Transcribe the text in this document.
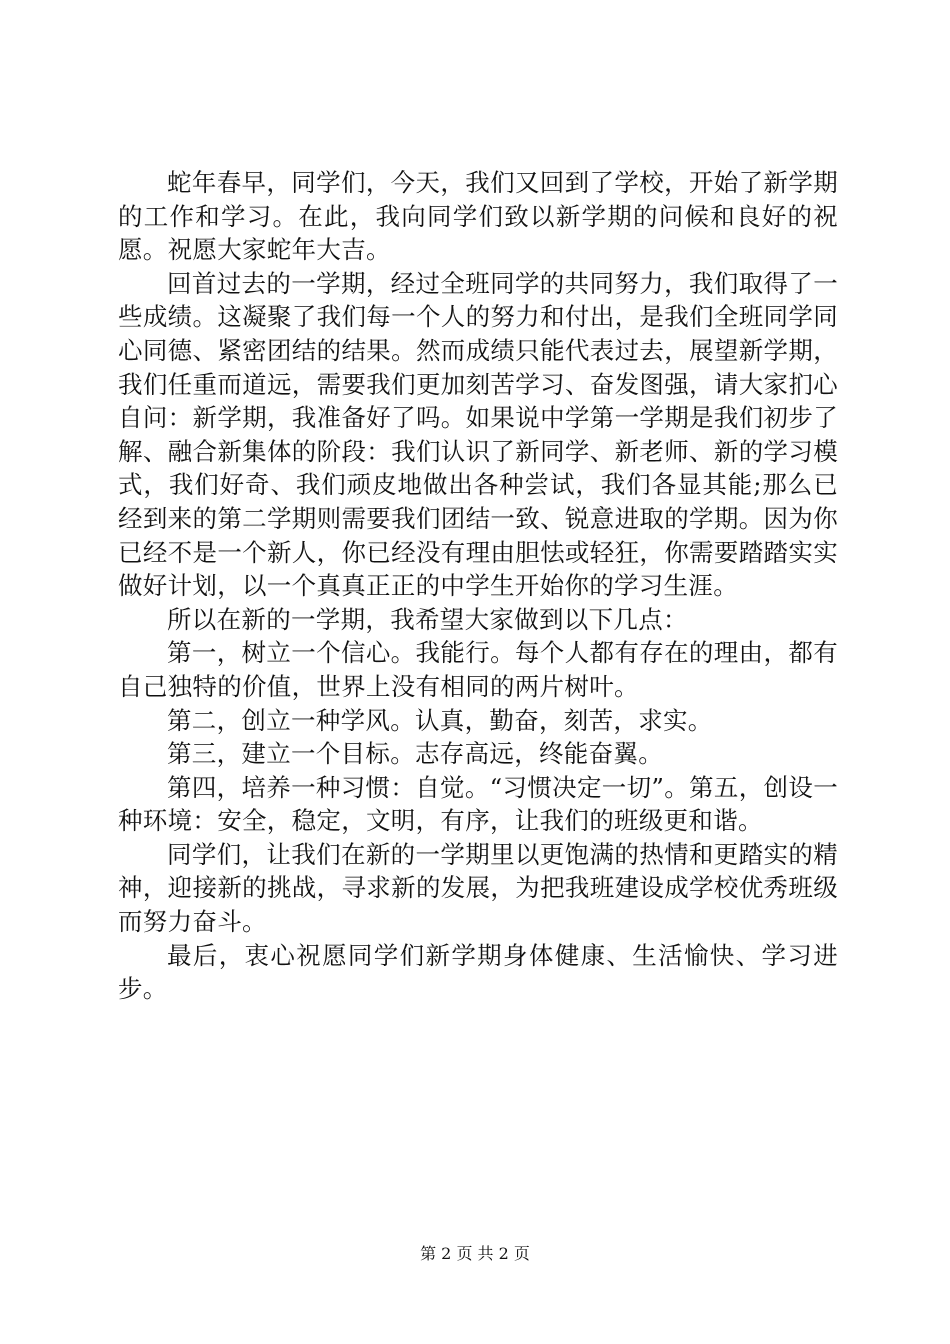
蛇年春早，同学们，今天，我们又回到了学校，开始了新学期的工作和学习。在此，我向同学们致以新学期的问候和良好的祝愿。祝愿大家蛇年大吉。

回首过去的一学期，经过全班同学的共同努力，我们取得了一些成绩。这凝聚了我们每一个人的努力和付出，是我们全班同学同心同德、紧密团结的结果。然而成绩只能代表过去，展望新学期，我们任重而道远，需要我们更加刻苦学习、奋发图强，请大家扪心自问：新学期，我准备好了吗。如果说中学第一学期是我们初步了解、融合新集体的阶段：我们认识了新同学、新老师、新的学习模式，我们好奇、我们顽皮地做出各种尝试，我们各显其能;那么已经到来的第二学期则需要我们团结一致、锐意进取的学期。因为你已经不是一个新人，你已经没有理由胆怯或轻狂，你需要踏踏实实做好计划，以一个真真正正的中学生开始你的学习生涯。

所以在新的一学期，我希望大家做到以下几点：

第一，树立一个信心。我能行。每个人都有存在的理由，都有自己独特的价值，世界上没有相同的两片树叶。

第二，创立一种学风。认真，勤奋，刻苦，求实。

第三，建立一个目标。志存高远，终能奋翼。

第四，培养一种习惯：自觉。“习惯决定一切”。第五，创设一种环境：安全，稳定，文明，有序，让我们的班级更和谐。

同学们，让我们在新的一学期里以更饱满的热情和更踏实的精神，迎接新的挑战，寻求新的发展，为把我班建设成学校优秀班级而努力奋斗。

最后，衷心祝愿同学们新学期身体健康、生活愉快、学习进步。

第 2 页 共 2 页
